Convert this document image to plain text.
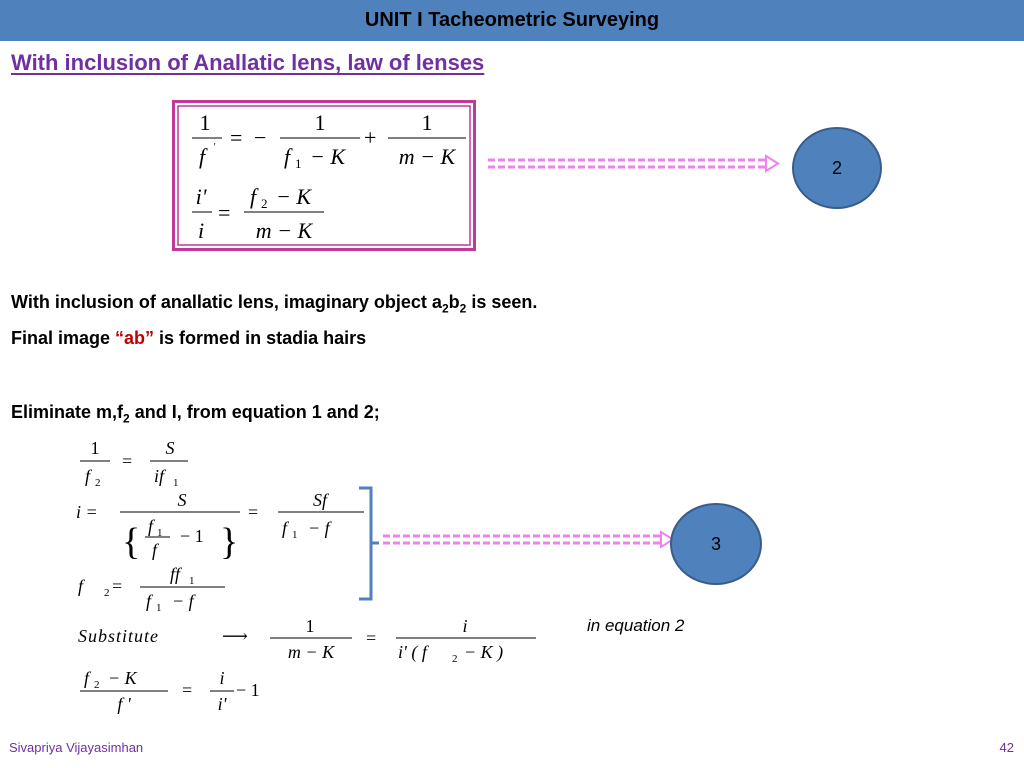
UNIT I Tacheometric Surveying
With inclusion of Anallatic lens, law of lenses
1
f ' = −
1
f 1 − K
+
1
m − K
i'
i
=
f 2 − K
m − K
2
With inclusion of anallatic lens, imaginary object $a_2b_2$ is seen.
Final image “ab” is formed in stadia hairs
Eliminate $m,f_2$ and I, from equation 1 and 2;
1
f 2
=
S
if 1
i =
S
{ f 1
f
− 1 }
=
Sf
f 1 − f
f 2 =
ff 1
f 1 − f
Substitute	⟶	1
m − K
=
i
i' ( f 2 − K )
f 2 − K
f '
=
i
i'
− 1
3
in equation 2
Sivapriya Vijayasimhan	42
